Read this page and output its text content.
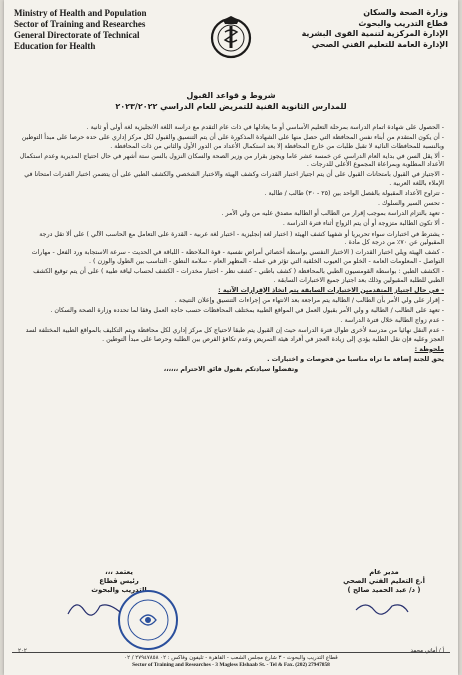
Ministry of Health and Population
Sector of Training and Researches
General Directorate of Technical
Education for Health
وزارة الصحة والسكان
قطاع التدريب والبحوث
الإدارة المركزية لتنمية القوى البشرية
الإدارة العامة للتعليم الفني الصحي
شروط و قواعد القبول
للمدارس الثانوية الفنية للتمريض للعام الدراسي ٢٠٢٣/٢٠٢٢

- الحصول على شهادة اتمام الدراسة بمرحلة التعليم الأساسي أو ما يعادلها في ذات عام التقدم مع دراسة اللغة الانجليزية لغة أولى أو ثانية .

- أن يكون المتقدم من أبناء نفس المحافظة التي حصل منها على الشهادة المذكورة على أن يتم التنسيق والقبول لكل مركز إداري على حده حرصا على مبدأ التوطين وبالنسبة للمحافظات النائية لا تقبل طلبات من خارج المحافظة إلا بعد استكمال الأعداد من الدور الأول والثاني من ذات المحافظة .

- ألا يقل السن في بداية العام الدراسي عن خمسة عشر عاما ويجوز بقرار من وزير الصحة والسكان النزول بالسن ستة أشهر في حال احتياج المديرية وعدم استكمال الأعداد المطلوبة وبمراعاة المجموع الأعلى للدرجات .

- الاجتياز في القبول بامتحانات القبول على أن يتم اجتياز اختبار القدرات وكشف الهيئة والاختبار الشخصي والكشف الطبي على أن يتضمن اختبار القدرات امتحانا في الإملاء باللغة العربية .

- تتراوح الأعداد المقبولة بالفصل الواحد بين (٢٥ - ٣٠) طالب / طالبة .

- تحسن السير والسلوك .

- تعهد بالتزام الدراسة بموجب إقرار من الطالب أو الطالبة مصدق عليه من ولي الأمر .

- ألا تكون الطالبة متزوجة أو أن يتم الزواج أثناء فترة الدراسة .

- يشترط في اختبارات سواء تحريريا أو شفهيا كشف الهيئة ( اختبار لغة إنجليزية - اختبار لغة عربية - القدرة على التعامل مع الحاسب الآلي ) على ألا تقل درجة المقبولين عن ٧٠٪ من درجة كل مادة .

- كشف الهيئة ويلي اختبار القدرات ( الاختبار النفسي بواسطة أخصائي أمراض نفسية - قوة الملاحظة - اللباقة في الحديث - سرعة الاستجابة ورد الفعل - مهارات التواصل - المعلومات العامة - الخلو من العيوب الخلقية التي تؤثر في عمله - المظهر العام - سلامة النطق - التناسب بين الطول والوزن ) .

- الكشف الطبي : بواسطة القومسيون الطبي بالمحافظة ( كشف باطني - كشف نظر - اختبار مخدرات - الكشف لحساب لياقة طبية ) على أن يتم توقيع الكشف الطبي للطلبة المقبولين وذلك بعد اجتياز جميع الاختبارات السابقة .

- في حال اجتياز المتقدمين الاختبارات السابقة يتم اتخاذ الإقرارات الآتية :

- إقرار على ولي الأمر بأن الطالب / الطالبة يتم مراجعة بعد الانتهاء من إجراءات التنسيق وإعلان النتيجة .

- تعهد على الطالب / الطالبة و ولي الأمر بقبول العمل في المواقع الطبية بمختلف المحافظات حسب حاجة العمل وفقا لما تحدده وزارة الصحة والسكان .

- عدم زواج الطالبة خلال فترة الدراسة .

- عدم النقل نهائيا من مدرسة لأخرى طوال فترة الدراسة حيث إن القبول يتم طبقا لاحتياج كل مركز إداري لكل محافظة ويتم التكليف بالمواقع الطبية المختلفة لسد العجز وعليه فإن نقل الطلبة يؤدي إلى زيادة العجز في أفراد هيئة التمريض وعدم تكافؤ الفرص بين الطلبة وحرصا على مبدأ التوطين .

ملحوظة :

يحق للجنة إضافة ما تراه مناسبا من فحوصات و اختبارات .

وتفضلوا سيادتكم بقبول فائق الاحترام ،،،،،،

يعتمد ،،،
رئيس قطاع
التدريب والبحوث
مدير عام
أ.ع التعليم الفني الصحي
( د/ عبد الحميد صالح )
٢٠٢	أ / أماني محمد
قطاع التدريب والبحوث - ٣ شارع مجلس الشعب - القاهرة - تليفون وفاكس : ٠٢ ٢٧٩٤٧٨٥٨ / ٠٢
Sector of Training and Researches - 3 Magless Elshaab St. - Tel & Fax. (202) 27947858
